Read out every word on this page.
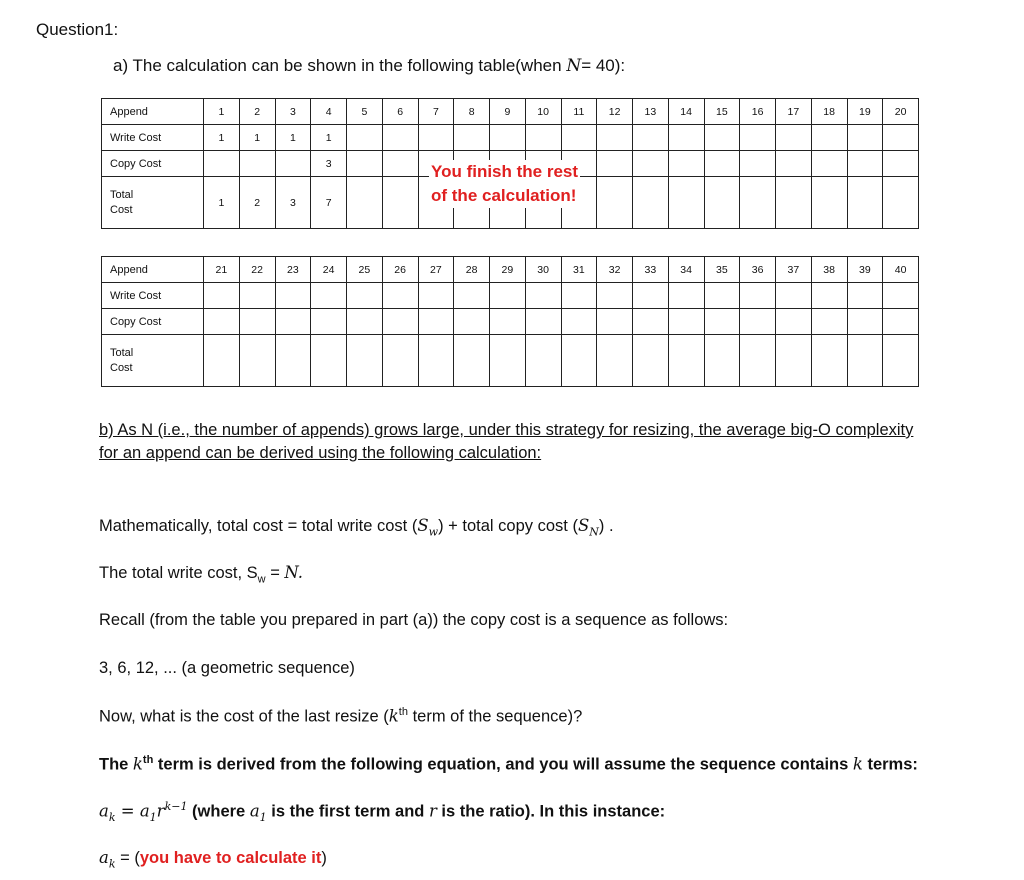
Question1:
a) The calculation can be shown in the following table(when N= 40):
Append	1	2	3	4	5	6	7	8	9	10	11	12	13	14	15	16	17	18	19	20
Write Cost	1	1	1	1																
Copy Cost				3																
Total
Cost	1	2	3	7																
Append	21	22	23	24	25	26	27	28	29	30	31	32	33	34	35	36	37	38	39	40
Write Cost																				
Copy Cost																				
Total
Cost																				
You finish the rest
of the calculation!
b) As N (i.e., the number of appends) grows large, under this strategy for resizing, the average big-O complexity for an append can be derived using the following calculation:
Mathematically, total cost = total write cost $(S_w)$ + total copy cost $(S_N)$ .
The total write cost, $S_w = N$.
Recall (from the table you prepared in part (a)) the copy cost is a sequence as follows:
3, 6, 12, ... (a geometric sequence)
Now, what is the cost of the last resize ($k^{th}$ term of the sequence)?
The $k^{th}$ term is derived from the following equation, and you will assume the sequence contains k terms:
$a_k = a_1r^{k-1}$ (where $a_1$ is the first term and r is the ratio). In this instance:
$a_k = (you$ have to calculate it)
